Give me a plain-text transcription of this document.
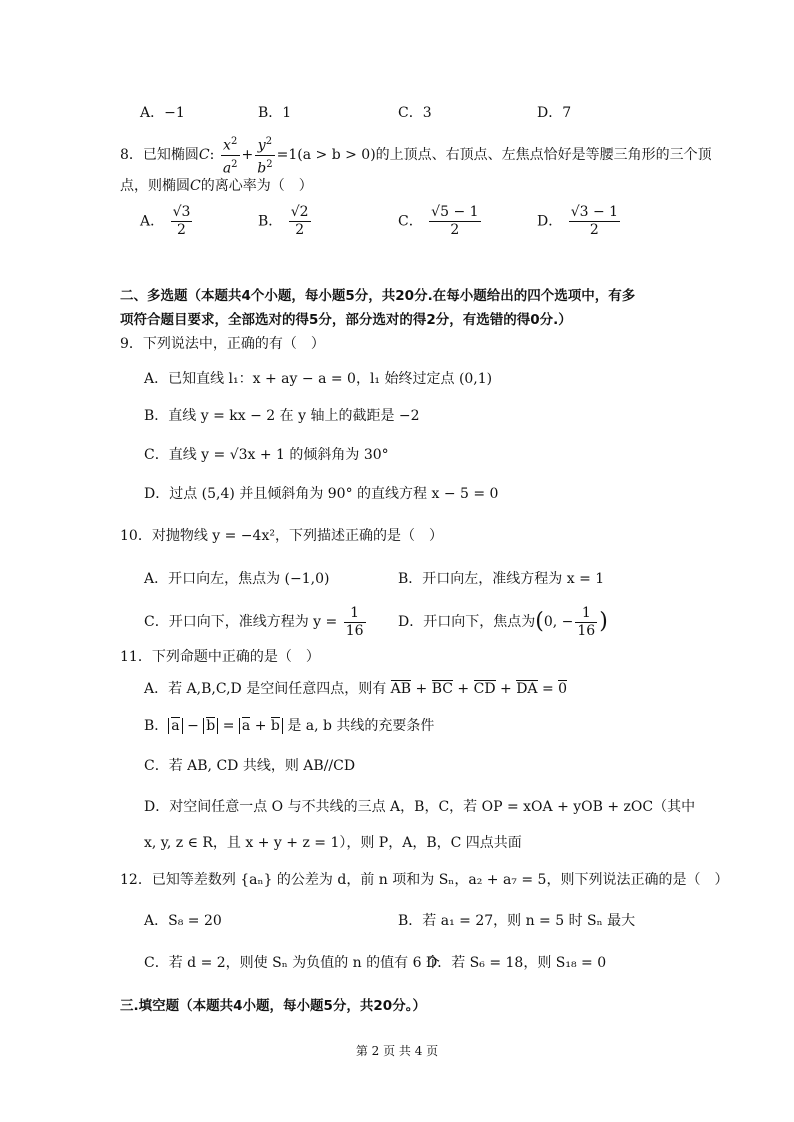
A．−1	B．1	C．3	D．7
8．已知椭圆C: $\frac{x^2}{a^2} + \frac{y^2}{b^2} =1(a > b > 0)$的上顶点、右顶点、左焦点恰好是等腰三角形的三个顶
点，则椭圆C的离心率为（　）
A． $\frac{√3}{2}$	B． $\frac{√2}{2}$	C． $\frac{√5 - 1}{2}$	D． $\frac{√3 - 1}{2}$
二、多选题（本题共4个小题，每小题5分，共20分.在每小题给出的四个选项中，有多
项符合题目要求，全部选对的得5分，部分选对的得2分，有选错的得0分.）
9．下列说法中，正确的有（　）
A．已知直线 l₁：x + ay − a = 0，l₁ 始终过定点 (0,1)
B．直线 y = kx − 2 在 y 轴上的截距是 −2
C．直线 y = √3x + 1 的倾斜角为 30°
D．过点 (5,4) 并且倾斜角为 90° 的直线方程 x − 5 = 0
10．对抛物线 y = −4x²，下列描述正确的是（　）
A．开口向左，焦点为 (−1,0)	B．开口向左，准线方程为 x = 1
C．开口向下，准线方程为 $y = \frac{1}{16}$ D．开口向下，焦点为(0, − $\frac{1}{16}$ )
11．下列命题中正确的是（　）
A．若 A,B,C,D 是空间任意四点，则有 AB + BC + CD + DA = 0
B． a − b = a + b 是 a, b 共线的充要条件
C．若 AB, CD 共线，则 AB//CD
D．对空间任意一点 O 与不共线的三点 A，B，C，若 OP = xOA + yOB + zOC（其中
x, y, z ∈ R，且 x + y + z = 1），则 P，A，B，C 四点共面
12．已知等差数列 {aₙ} 的公差为 d，前 n 项和为 Sₙ，a₂ + a₇ = 5，则下列说法正确的是（　）
A．S₈ = 20	B．若 a₁ = 27，则 n = 5 时 Sₙ 最大
C．若 d = 2，则使 Sₙ 为负值的 n 的值有 6 个
D．若 S₆ = 18，则 S₁₈ = 0
三.填空题（本题共4小题，每小题5分，共20分。）
第 2 页 共 4 页
